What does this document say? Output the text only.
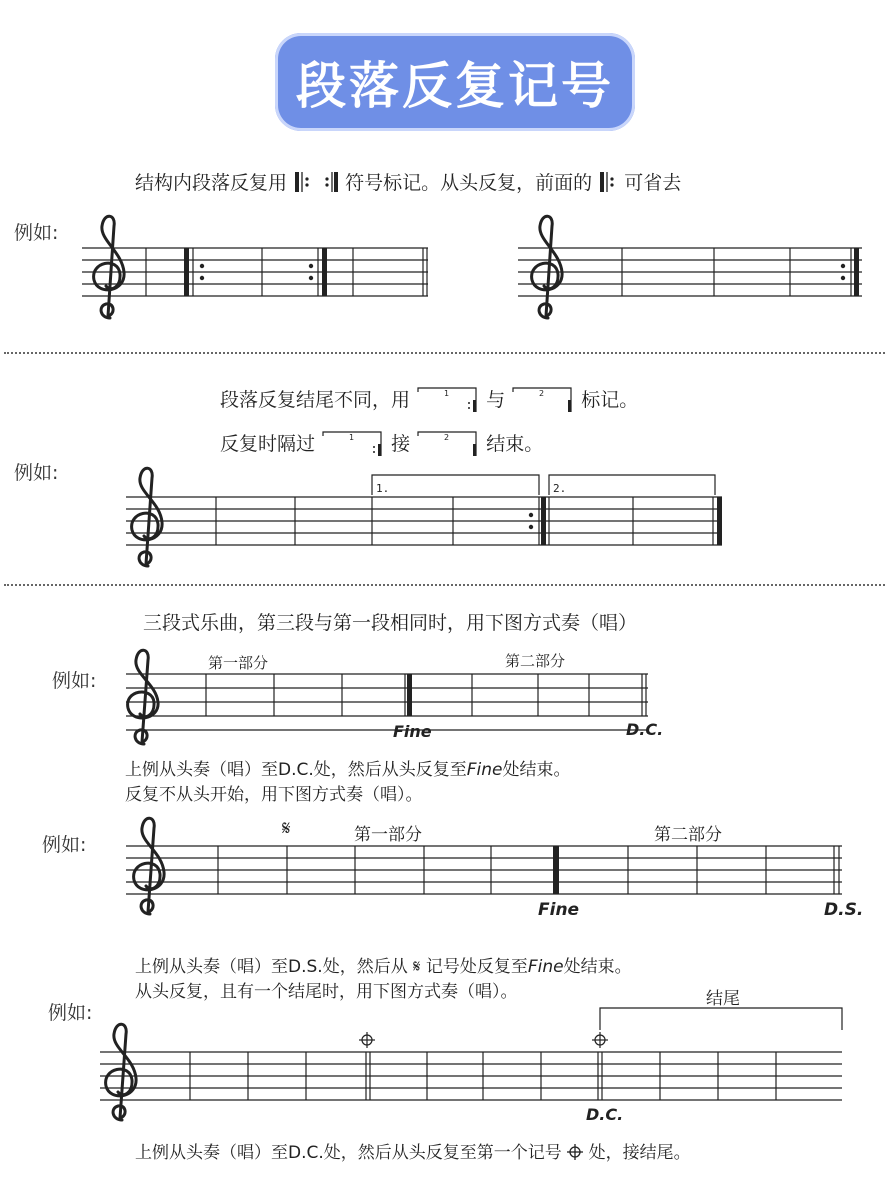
段落反复记号
结构内段落反复用	符号标记。从头反复，前面的 可省去
例如:
段落反复结尾不同，用	1 与	2 标记。
反复时隔过	1 接	2 结束。
例如:
三段式乐曲，第三段与第一段相同时，用下图方式奏（唱）
例如:
第一部分	第二部分
Fine	D.C.
上例从头奏（唱）至D.C.处，然后从头反复至Fine处结束。
反复不从头开始，用下图方式奏（唱）。
例如:
𝄋	第一部分	第二部分
Fine	D.S.
上例从头奏（唱）至D.S.处，然后从 𝄋 记号处反复至Fine处结束。
从头反复，且有一个结尾时，用下图方式奏（唱）。
例如:
结尾
D.C.
上例从头奏（唱）至D.C.处，然后从头反复至第一个记号 处，接结尾。
1.	2.
